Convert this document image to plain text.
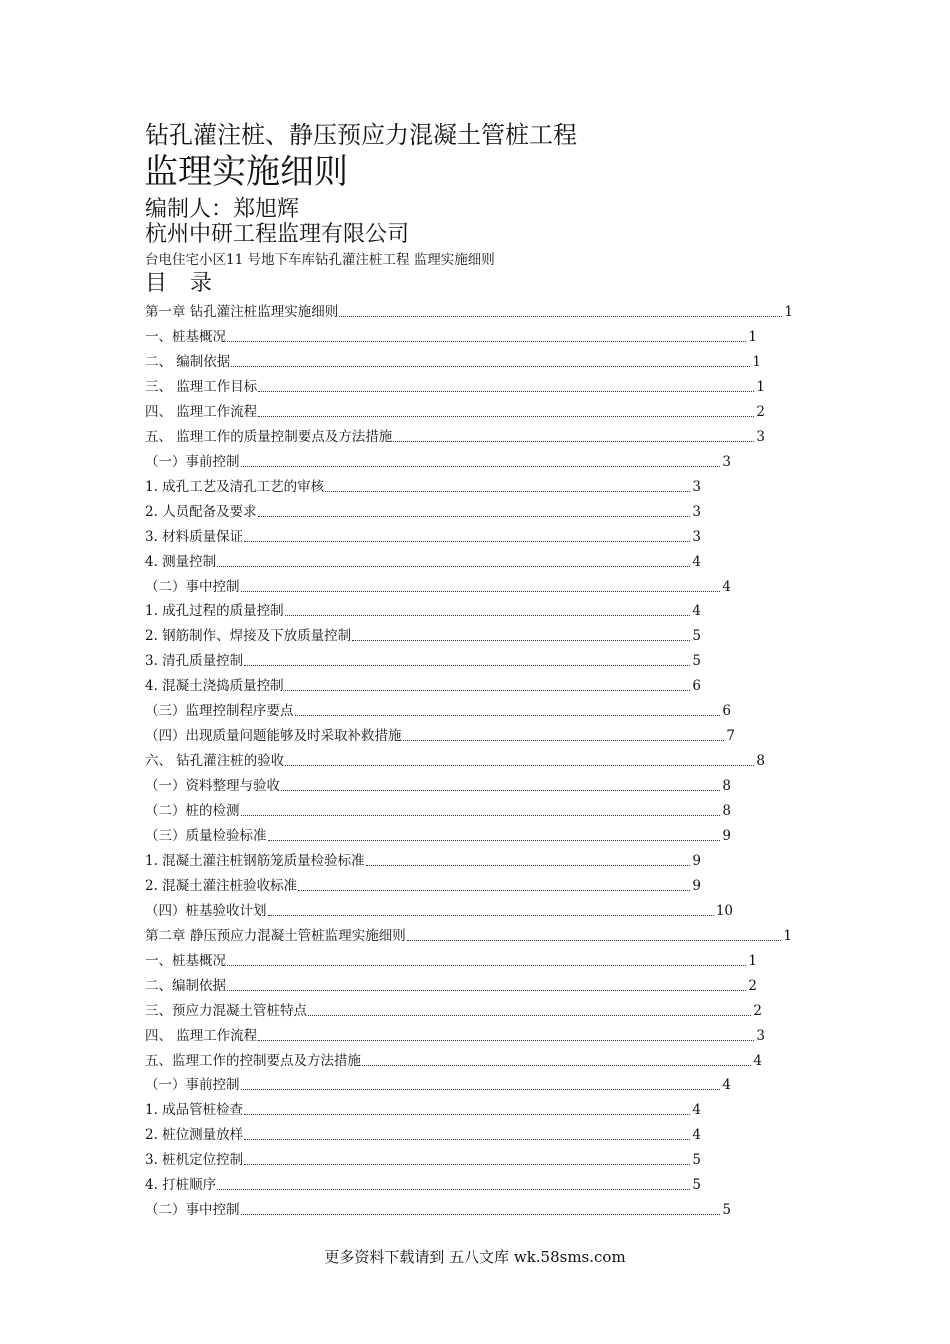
钻孔灌注桩、静压预应力混凝土管桩工程
监理实施细则
编制人：郑旭辉
杭州中研工程监理有限公司
台电住宅小区11 号地下车库钻孔灌注桩工程 监理实施细则
目 录
第一章 钻孔灌注桩监理实施细则	1
一、桩基概况	1
二、 编制依据	1
三、 监理工作目标	1
四、 监理工作流程	2
五、 监理工作的质量控制要点及方法措施	3
（一）事前控制	3
1. 成孔工艺及清孔工艺的审核	3
2. 人员配备及要求	3
3. 材料质量保证	3
4. 测量控制	4
（二）事中控制	4
1. 成孔过程的质量控制	4
2. 钢筋制作、焊接及下放质量控制	5
3. 清孔质量控制	5
4. 混凝土浇捣质量控制	6
（三）监理控制程序要点	6
（四）出现质量问题能够及时采取补救措施	7
六、 钻孔灌注桩的验收	8
（一）资料整理与验收	8
（二）桩的检测	8
（三）质量检验标准	9
1. 混凝土灌注桩钢筋笼质量检验标准	9
2. 混凝土灌注桩验收标准	9
（四）桩基验收计划	10
第二章 静压预应力混凝土管桩监理实施细则	1
一、桩基概况	1
二、编制依据	2
三、预应力混凝土管桩特点	2
四、 监理工作流程	3
五、监理工作的控制要点及方法措施	4
（一）事前控制	4
1. 成品管桩检查	4
2. 桩位测量放样	4
3. 桩机定位控制	5
4. 打桩顺序	5
（二）事中控制	5
更多资料下载请到 五八文库 wk.58sms.com
